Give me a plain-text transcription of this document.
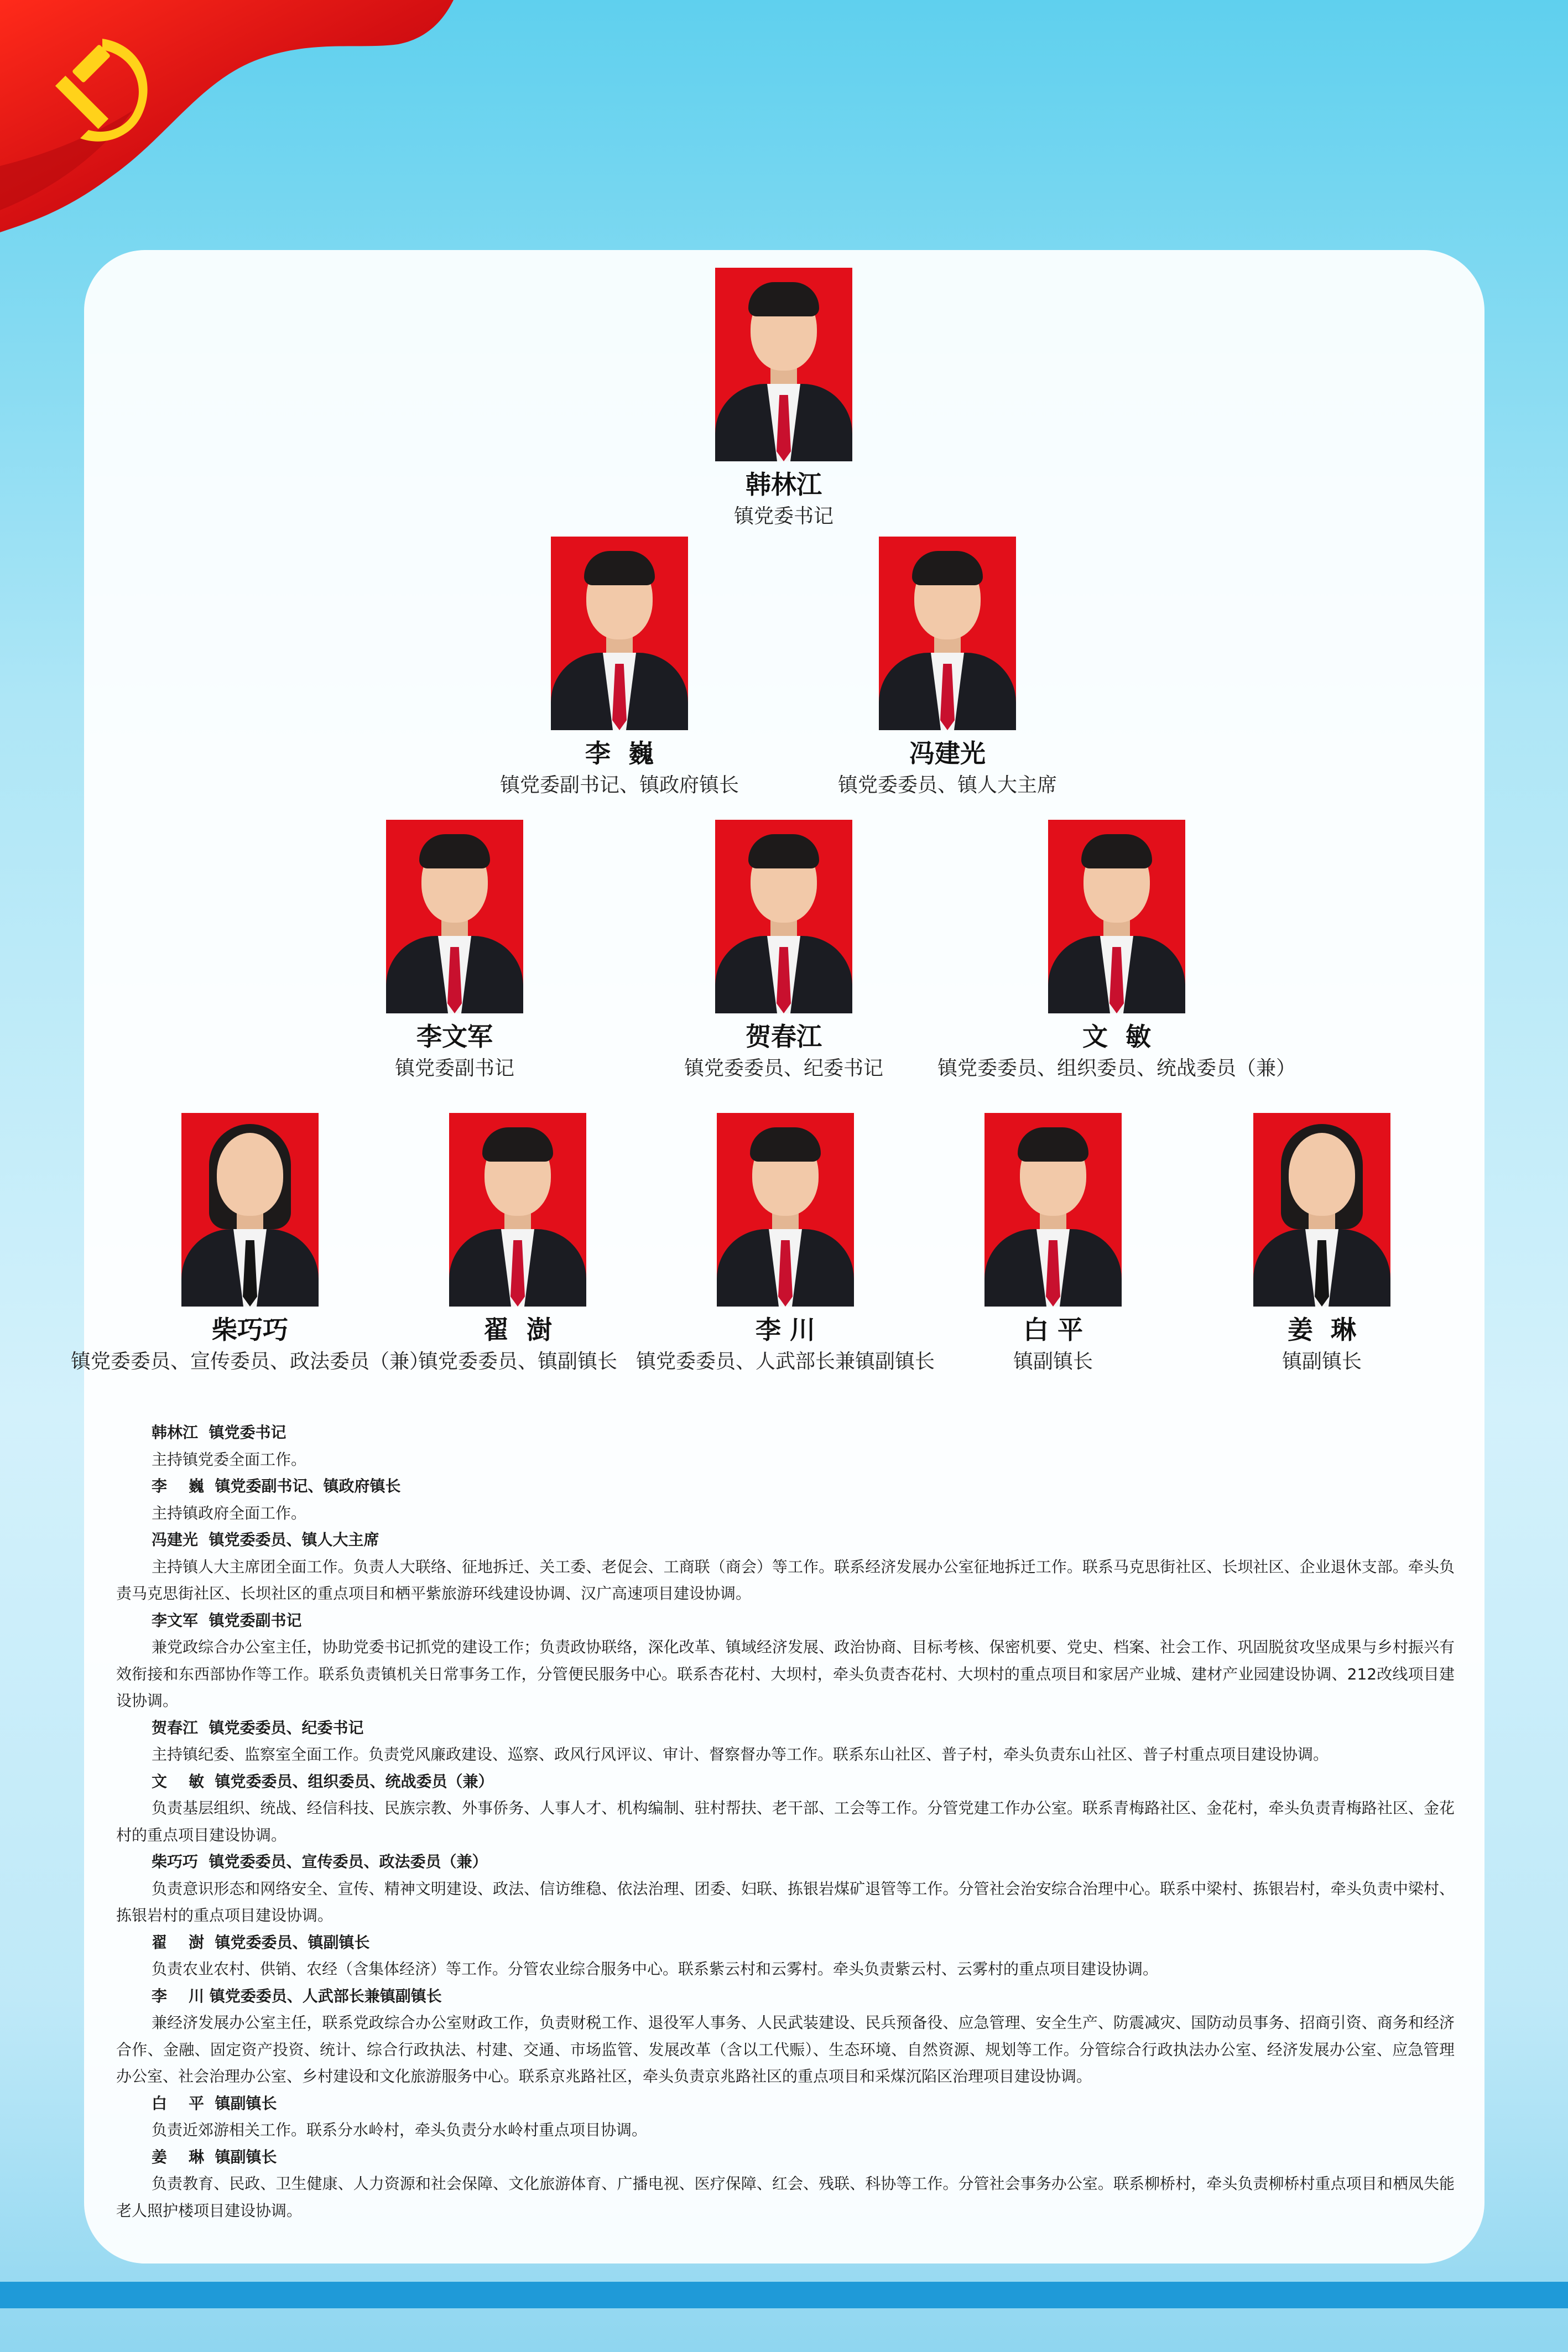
韩林江
镇党委书记
李  巍
镇党委副书记、镇政府镇长
冯建光
镇党委委员、镇人大主席
李文军
镇党委副书记
贺春江
镇党委委员、纪委书记
文  敏
镇党委委员、组织委员、统战委员（兼）
柴巧巧
镇党委委员、宣传委员、政法委员（兼）
翟  澍
镇党委委员、镇副镇长
李 川
镇党委委员、人武部长兼镇副镇长
白 平
镇副镇长
姜  琳
镇副镇长
韩林江  镇党委书记
主持镇党委全面工作。
李    巍  镇党委副书记、镇政府镇长
主持镇政府全面工作。
冯建光  镇党委委员、镇人大主席
主持镇人大主席团全面工作。负责人大联络、征地拆迁、关工委、老促会、工商联（商会）等工作。联系经济发展办公室征地拆迁工作。联系马克思街社区、长坝社区、企业退休支部。牵头负责马克思街社区、长坝社区的重点项目和栖平紫旅游环线建设协调、汉广高速项目建设协调。
李文军  镇党委副书记
兼党政综合办公室主任，协助党委书记抓党的建设工作；负责政协联络，深化改革、镇域经济发展、政治协商、目标考核、保密机要、党史、档案、社会工作、巩固脱贫攻坚成果与乡村振兴有效衔接和东西部协作等工作。联系负责镇机关日常事务工作，分管便民服务中心。联系杏花村、大坝村，牵头负责杏花村、大坝村的重点项目和家居产业城、建材产业园建设协调、212改线项目建设协调。
贺春江  镇党委委员、纪委书记
主持镇纪委、监察室全面工作。负责党风廉政建设、巡察、政风行风评议、审计、督察督办等工作。联系东山社区、普子村，牵头负责东山社区、普子村重点项目建设协调。
文    敏  镇党委委员、组织委员、统战委员（兼）
负责基层组织、统战、经信科技、民族宗教、外事侨务、人事人才、机构编制、驻村帮扶、老干部、工会等工作。分管党建工作办公室。联系青梅路社区、金花村，牵头负责青梅路社区、金花村的重点项目建设协调。
柴巧巧  镇党委委员、宣传委员、政法委员（兼）
负责意识形态和网络安全、宣传、精神文明建设、政法、信访维稳、依法治理、团委、妇联、拣银岩煤矿退管等工作。分管社会治安综合治理中心。联系中梁村、拣银岩村，牵头负责中梁村、拣银岩村的重点项目建设协调。
翟    澍  镇党委委员、镇副镇长
负责农业农村、供销、农经（含集体经济）等工作。分管农业综合服务中心。联系紫云村和云雾村。牵头负责紫云村、云雾村的重点项目建设协调。
李    川 镇党委委员、人武部长兼镇副镇长
兼经济发展办公室主任，联系党政综合办公室财政工作，负责财税工作、退役军人事务、人民武装建设、民兵预备役、应急管理、安全生产、防震减灾、国防动员事务、招商引资、商务和经济合作、金融、固定资产投资、统计、综合行政执法、村建、交通、市场监管、发展改革（含以工代赈）、生态环境、自然资源、规划等工作。分管综合行政执法办公室、经济发展办公室、应急管理办公室、社会治理办公室、乡村建设和文化旅游服务中心。联系京兆路社区，牵头负责京兆路社区的重点项目和采煤沉陷区治理项目建设协调。
白    平  镇副镇长
负责近郊游相关工作。联系分水岭村，牵头负责分水岭村重点项目协调。
姜    琳  镇副镇长
负责教育、民政、卫生健康、人力资源和社会保障、文化旅游体育、广播电视、医疗保障、红会、残联、科协等工作。分管社会事务办公室。联系柳桥村，牵头负责柳桥村重点项目和栖凤失能老人照护楼项目建设协调。
